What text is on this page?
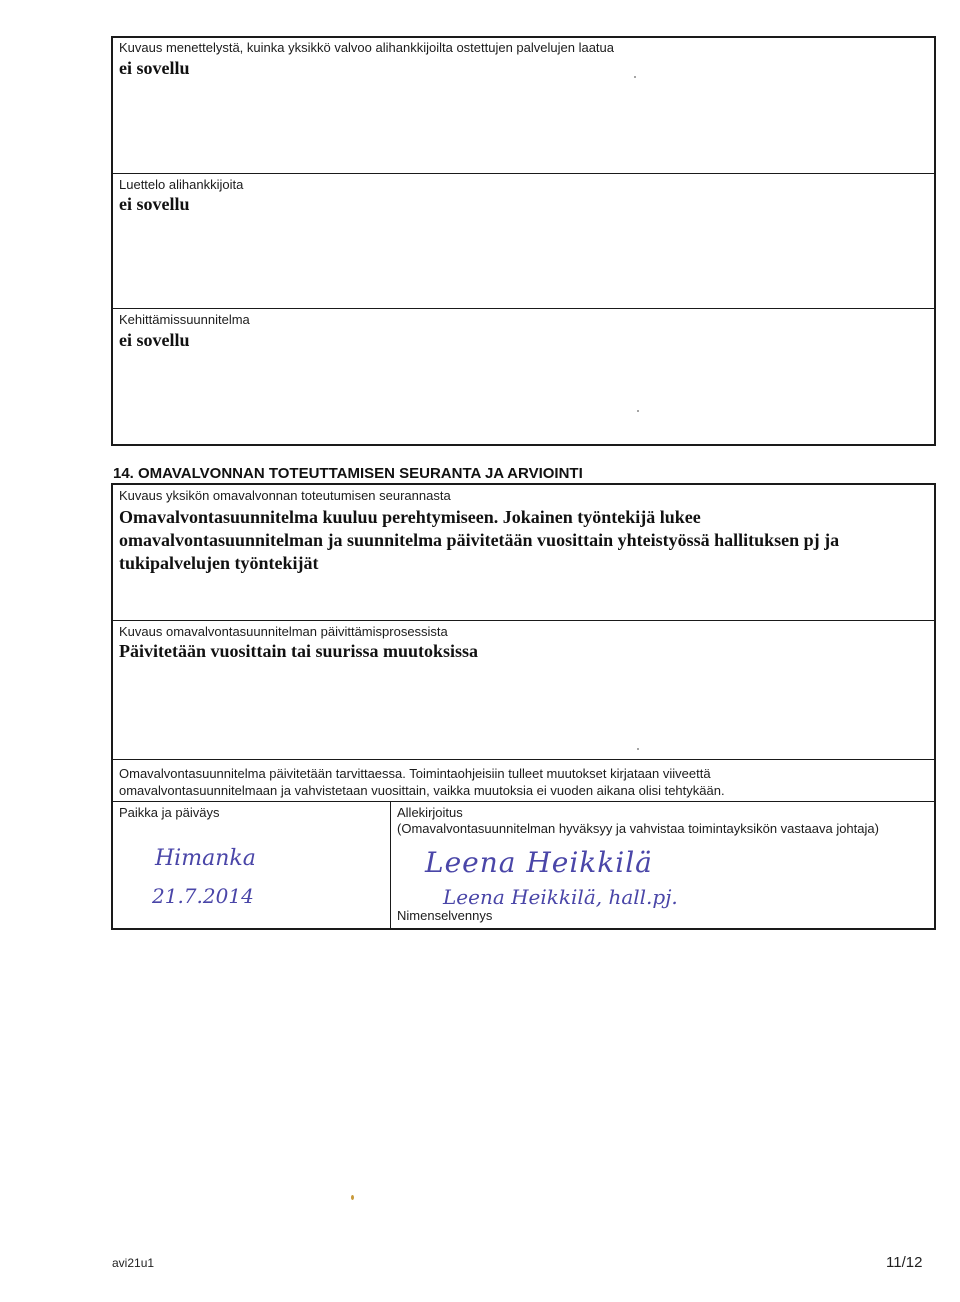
Kuvaus menettelystä, kuinka yksikkö valvoo alihankkijoilta ostettujen palvelujen laatua
ei sovellu
Luettelo alihankkijoita
ei sovellu
Kehittämissuunnitelma
ei sovellu
14. OMAVALVONNAN TOTEUTTAMISEN SEURANTA JA ARVIOINTI
Kuvaus yksikön omavalvonnan toteutumisen seurannasta
Omavalvontasuunnitelma kuuluu perehtymiseen. Jokainen työntekijä lukee omavalvontasuunnitelman ja suunnitelma päivitetään vuosittain yhteistyössä hallituksen pj ja tukipalvelujen työntekijät
Kuvaus omavalvontasuunnitelman päivittämisprosessista
Päivitetään vuosittain tai suurissa muutoksissa
Omavalvontasuunnitelma päivitetään tarvittaessa. Toimintaohjeisiin tulleet muutokset kirjataan viiveettä
omavalvontasuunnitelmaan ja vahvistetaan vuosittain, vaikka muutoksia ei vuoden aikana olisi tehtykään.
Paikka ja päiväys
Himanka
21.7.2014
Allekirjoitus
(Omavalvontasuunnitelman hyväksyy ja vahvistaa toimintayksikön vastaava johtaja)
Leena Heikkilä
Leena Heikkilä, hall.pj.
Nimenselvennys
avi21u1	11/12
